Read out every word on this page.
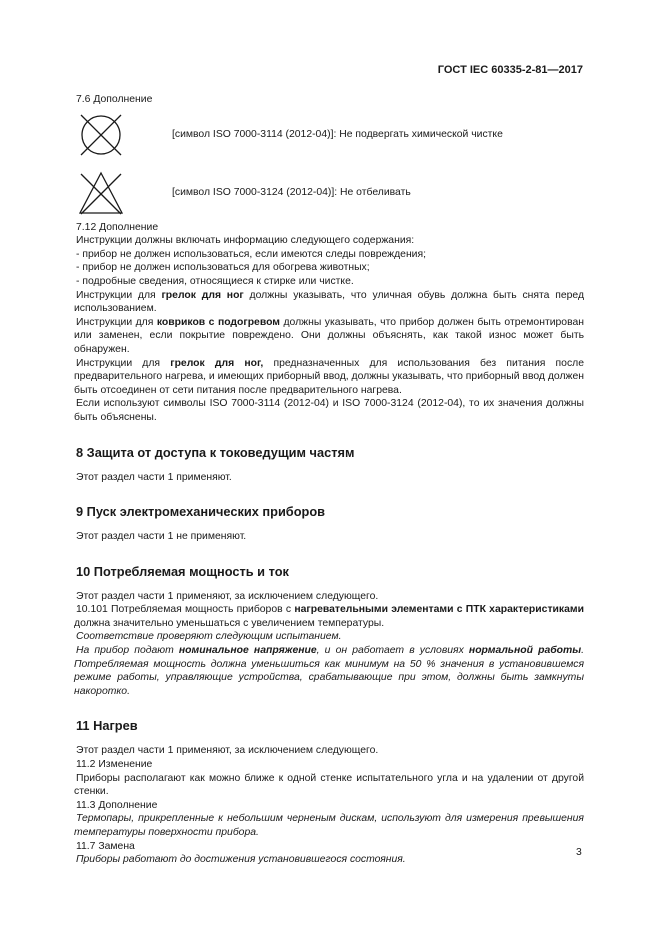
ГОСТ IEC 60335-2-81—2017

7.6 Дополнение

[символ ISO 7000-3114 (2012-04)]: Не подвергать химической чистке
[символ ISO 7000-3124 (2012-04)]: Не отбеливать

7.12 Дополнение

Инструкции должны включать информацию следующего содержания:

- прибор не должен использоваться, если имеются следы повреждения;

- прибор не должен использоваться для обогрева животных;

- подробные сведения, относящиеся к стирке или чистке.

Инструкции для грелок для ног должны указывать, что уличная обувь должна быть снята перед использованием.

Инструкции для ковриков с подогревом должны указывать, что прибор должен быть отремонтирован или заменен, если покрытие повреждено. Они должны объяснять, как такой износ может быть обнаружен.

Инструкции для грелок для ног, предназначенных для использования без питания после предварительного нагрева, и имеющих приборный ввод, должны указывать, что приборный ввод должен быть отсоединен от сети питания после предварительного нагрева.

Если используют символы ISO 7000-3114 (2012-04) и ISO 7000-3124 (2012-04), то их значения должны быть объяснены.

8 Защита от доступа к токоведущим частям

Этот раздел части 1 применяют.

9 Пуск электромеханических приборов

Этот раздел части 1 не применяют.

10 Потребляемая мощность и ток

Этот раздел части 1 применяют, за исключением следующего.

10.101 Потребляемая мощность приборов с нагревательными элементами с ПТК характеристиками должна значительно уменьшаться с увеличением температуры.

Соответствие проверяют следующим испытанием.

На прибор подают номинальное напряжение, и он работает в условиях нормальной работы. Потребляемая мощность должна уменьшиться как минимум на 50 % значения в установившемся режиме работы, управляющие устройства, срабатывающие при этом, должны быть замкнуты накоротко.

11 Нагрев

Этот раздел части 1 применяют, за исключением следующего.

11.2 Изменение

Приборы располагают как можно ближе к одной стенке испытательного угла и на удалении от другой стенки.

11.3 Дополнение

Термопары, прикрепленные к небольшим черненым дискам, используют для измерения превышения температуры поверхности прибора.

11.7 Замена

Приборы работают до достижения установившегося состояния.

3
